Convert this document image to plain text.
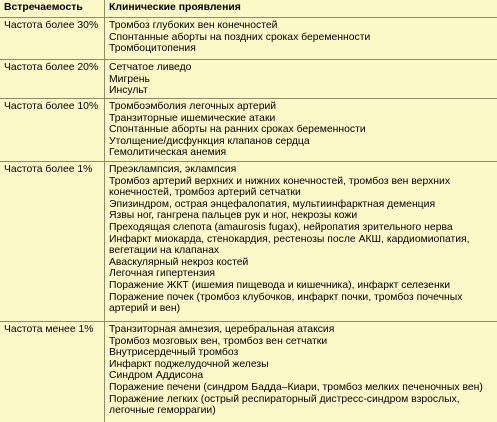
Встречаемость	Клинические проявления
Частота более 30% Тромбоз глубоких вен конечностей
Спонтанные аборты на поздних сроках беременности
Тромбоцитопения
Частота более 20% Сетчатое ливедо
Мигрень
Инсульт
Частота более 10% Тромбоэмболия легочных артерий
Транзиторные ишемические атаки
Спонтанные аборты на ранних сроках беременности
Утолщение/дисфункция клапанов сердца
Гемолитическая анемия
Частота более 1% Преэклампсия, эклампсия
Тромбоз артерий верхних и нижних конечностей, тромбоз вен верхних конечностей, тромбоз артерий сетчатки
Эпизиндром, острая энцефалопатия, мультиинфарктная деменция
Язвы ног, гангрена пальцев рук и ног, некрозы кожи
Преходящая слепота (amaurosis fugax), нейропатия зрительного нерва
Инфаркт миокарда, стенокардия, рестенозы после АКШ, кардиомиопатия, вегетации на клапанах
Аваскулярный некроз костей
Легочная гипертензия
Поражение ЖКТ (ишемия пищевода и кишечника), инфаркт селезенки
Поражение почек (тромбоз клубочков, инфаркт почки, тромбоз почечных артерий и вен)
Частота менее 1% Транзиторная амнезия, церебральная атаксия
Тромбоз мозговых вен, тромбоз вен сетчатки
Внутрисердечный тромбоз
Инфаркт поджелудочной железы
Синдром Аддисона
Поражение печени (синдром Бадда–Киари, тромбоз мелких печеночных вен)
Поражение легких (острый респираторный дистресс-синдром взрослых, легочные геморрагии)
